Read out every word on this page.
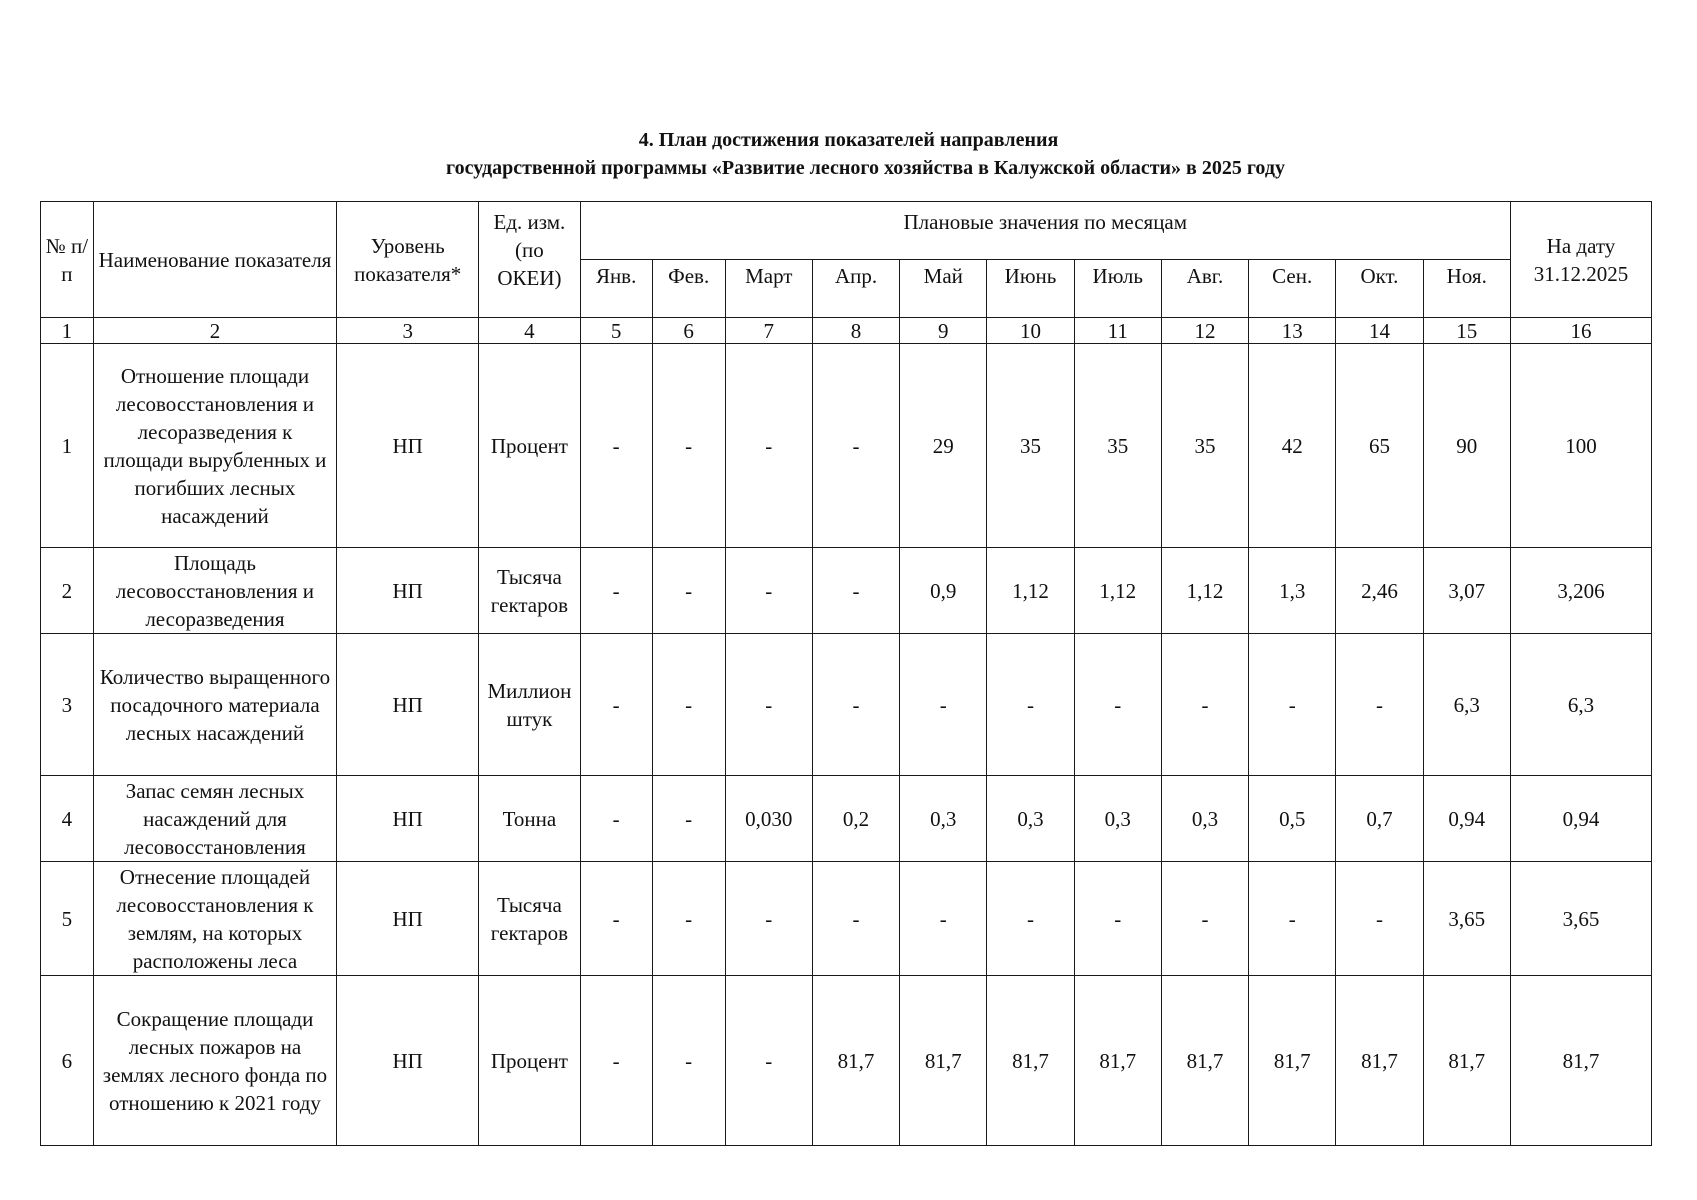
4. План достижения показателей направления
государственной программы «Развитие лесного хозяйства в Калужской области» в 2025 году
№ п/п	Наименование показателя	Уровень показателя*	Ед. изм. (по ОКЕИ)	Плановые значения по месяцам											На дату 31.12.2025
				Янв.	Фев.	Март	Апр.	Май	Июнь	Июль	Авг.	Сен.	Окт.	Ноя.	
1	2	3	4	5	6	7	8	9	10	11	12	13	14	15	16
1	Отношение площади лесовосстановления и лесоразведения к площади вырубленных и погибших лесных насаждений	НП	Процент	-	-	-	-	29	35	35	35	42	65	90	100
2	Площадь лесовосстановления и лесоразведения	НП	Тысяча гектаров	-	-	-	-	0,9	1,12	1,12	1,12	1,3	2,46	3,07	3,206
3	Количество выращенного посадочного материала лесных насаждений	НП	Миллион штук	-	-	-	-	-	-	-	-	-	-	6,3	6,3
4	Запас семян лесных насаждений для лесовосстановления	НП	Тонна	-	-	0,030	0,2	0,3	0,3	0,3	0,3	0,5	0,7	0,94	0,94
5	Отнесение площадей лесовосстановления к землям, на которых расположены леса	НП	Тысяча гектаров	-	-	-	-	-	-	-	-	-	-	3,65	3,65
6	Сокращение площади лесных пожаров на землях лесного фонда по отношению к 2021 году	НП	Процент	-	-	-	81,7	81,7	81,7	81,7	81,7	81,7	81,7	81,7	81,7
